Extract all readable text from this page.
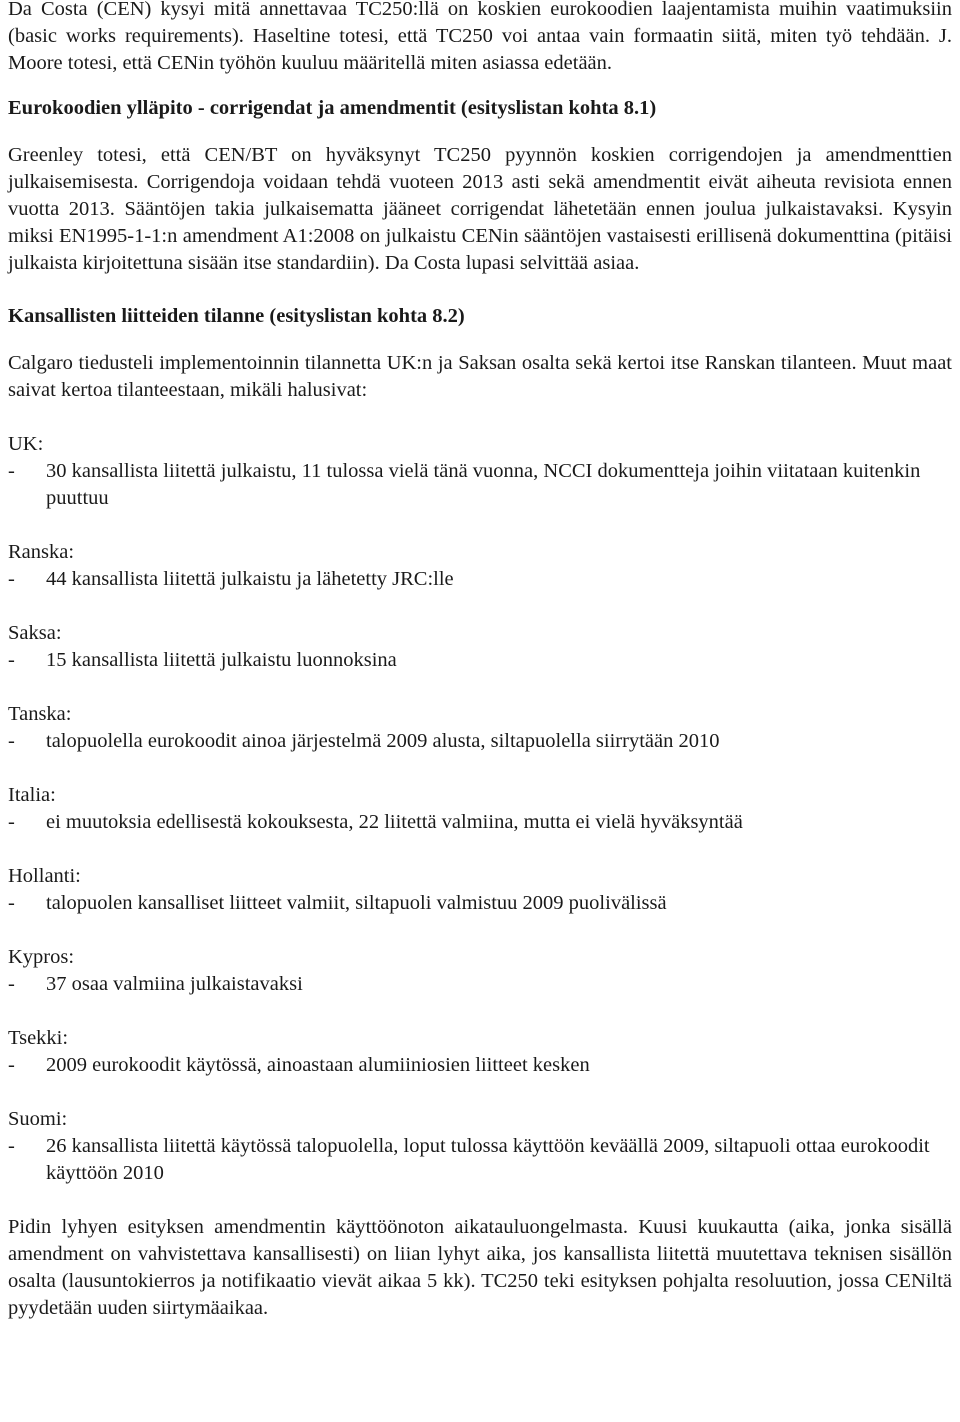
Da Costa (CEN) kysyi mitä annettavaa TC250:llä on koskien eurokoodien laajentamista muihin vaatimuksiin (basic works requirements). Haseltine totesi, että TC250 voi antaa vain formaatin siitä, miten työ tehdään. J. Moore totesi, että CENin työhön kuuluu määritellä miten asiassa edetään.

Eurokoodien ylläpito - corrigendat ja amendmentit (esityslistan kohta 8.1)

Greenley totesi, että CEN/BT on hyväksynyt TC250 pyynnön koskien corrigendojen ja amendmenttien julkaisemisesta. Corrigendoja voidaan tehdä vuoteen 2013 asti sekä amendmentit eivät aiheuta revisiota ennen vuotta 2013. Sääntöjen takia julkaisematta jääneet corrigendat lähetetään ennen joulua julkaistavaksi. Kysyin miksi EN1995-1-1:n amendment A1:2008 on julkaistu CENin sääntöjen vastaisesti erillisenä dokumenttina (pitäisi julkaista kirjoitettuna sisään itse standardiin). Da Costa lupasi selvittää asiaa.

Kansallisten liitteiden tilanne (esityslistan kohta 8.2)

Calgaro tiedusteli implementoinnin tilannetta UK:n ja Saksan osalta sekä kertoi itse Ranskan tilanteen. Muut maat saivat kertoa tilanteestaan, mikäli halusivat:

UK:

-	30 kansallista liitettä julkaistu, 11 tulossa vielä tänä vuonna, NCCI dokumentteja joihin viitataan kuitenkin puuttuu

Ranska:

-	44 kansallista liitettä julkaistu ja lähetetty JRC:lle

Saksa:

-	15 kansallista liitettä julkaistu luonnoksina

Tanska:

-	talopuolella eurokoodit ainoa järjestelmä 2009 alusta, siltapuolella siirrytään 2010

Italia:

-	ei muutoksia edellisestä kokouksesta, 22 liitettä valmiina, mutta ei vielä hyväksyntää

Hollanti:

-	talopuolen kansalliset liitteet valmiit, siltapuoli valmistuu 2009 puolivälissä

Kypros:

-	37 osaa valmiina julkaistavaksi

Tsekki:

-	2009 eurokoodit käytössä, ainoastaan alumiiniosien liitteet kesken

Suomi:

-	26 kansallista liitettä käytössä talopuolella, loput tulossa käyttöön keväällä 2009, siltapuoli ottaa eurokoodit käyttöön 2010

Pidin lyhyen esityksen amendmentin käyttöönoton aikatauluongelmasta. Kuusi kuukautta (aika, jonka sisällä amendment on vahvistettava kansallisesti) on liian lyhyt aika, jos kansallista liitettä muutettava teknisen sisällön osalta (lausuntokierros ja notifikaatio vievät aikaa 5 kk). TC250 teki esityksen pohjalta resoluution, jossa CENiltä pyydetään uuden siirtymäaikaa.
